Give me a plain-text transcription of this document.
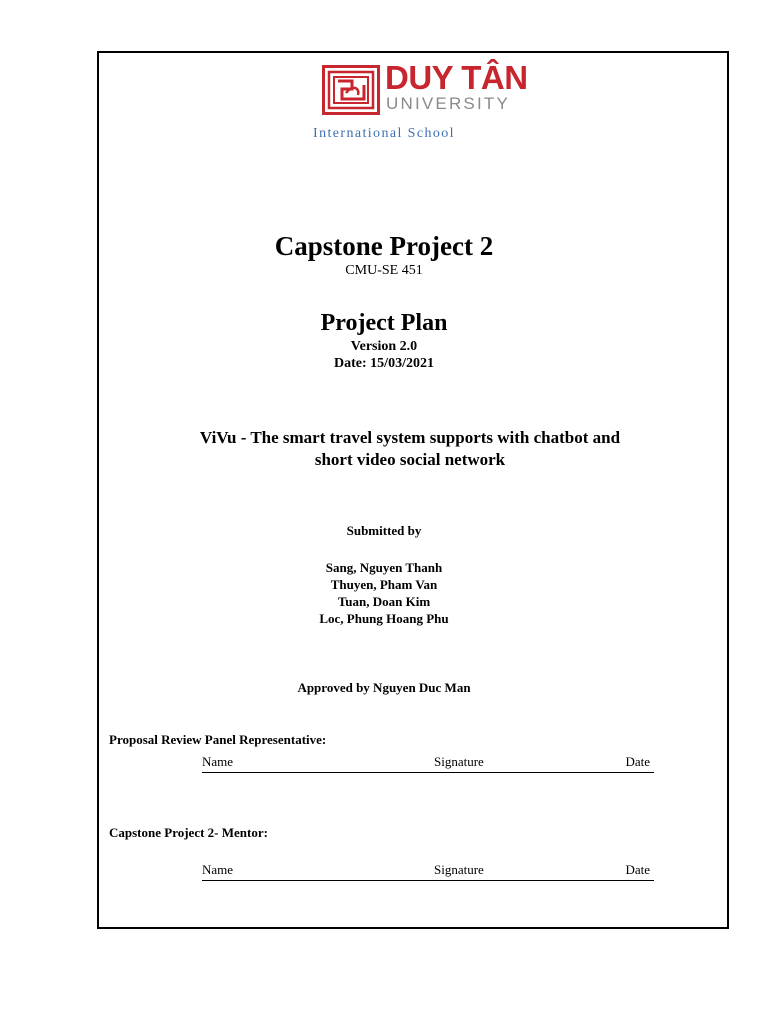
DUY TÂN
UNIVERSITY
International School
Capstone Project 2
CMU-SE 451
Project Plan
Version 2.0
Date: 15/03/2021
ViVu - The smart travel system supports with chatbot and
short video social network
Submitted by
Sang, Nguyen Thanh
Thuyen, Pham Van
Tuan, Doan Kim
Loc, Phung Hoang Phu
Approved by Nguyen Duc Man
Proposal Review Panel Representative:
Name	Signature	Date
Capstone Project 2- Mentor:
Name	Signature	Date
